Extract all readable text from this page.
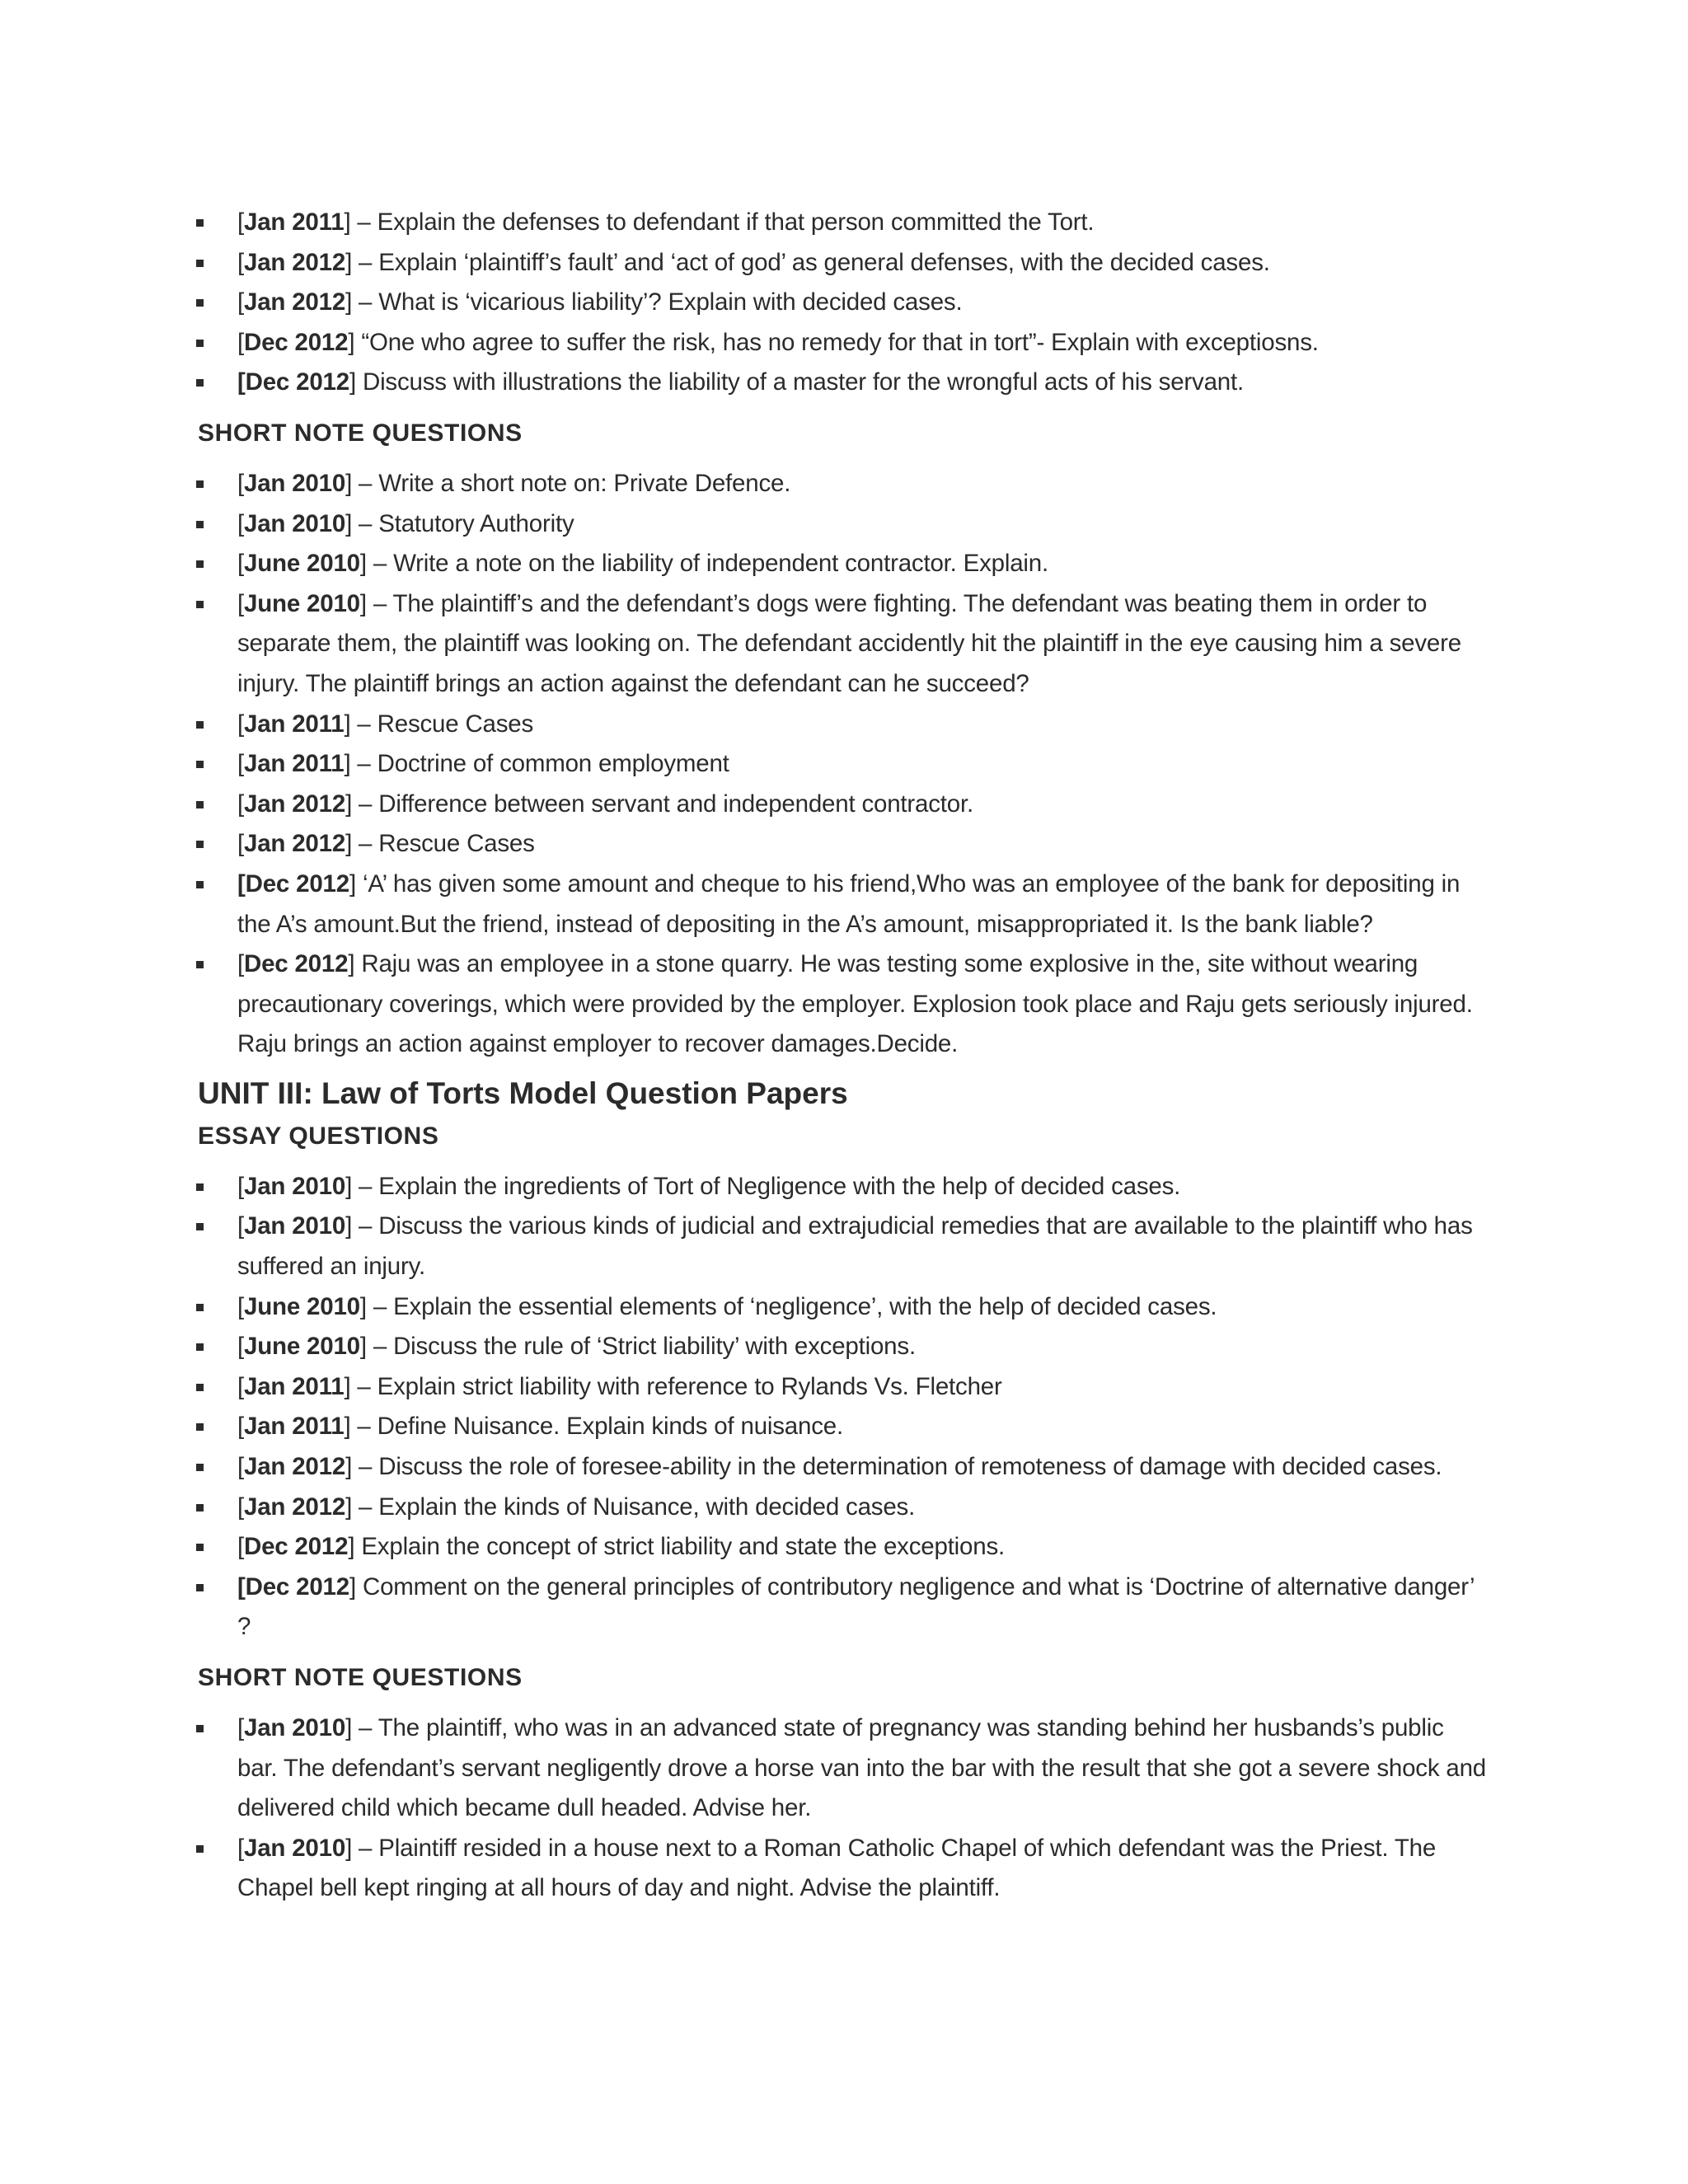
[Jan 2011] – Explain the defenses to defendant if that person committed the Tort.
[Jan 2012] – Explain ‘plaintiff’s fault’ and ‘act of god’ as general defenses, with the decided cases.
[Jan 2012] – What is ‘vicarious liability’? Explain with decided cases.
[Dec 2012] “One who agree to suffer the risk, has no remedy for that in tort”- Explain with exceptiosns.
[Dec 2012] Discuss with illustrations the liability of a master for the wrongful acts of his servant.
SHORT NOTE QUESTIONS
[Jan 2010] – Write a short note on: Private Defence.
[Jan 2010] – Statutory Authority
[June 2010] – Write a note on the liability of independent contractor. Explain.
[June 2010] – The plaintiff’s and the defendant’s dogs were fighting. The defendant was beating them in order to separate them, the plaintiff was looking on. The defendant accidently hit the plaintiff in the eye causing him a severe injury. The plaintiff brings an action against the defendant can he succeed?
[Jan 2011] – Rescue Cases
[Jan 2011] – Doctrine of common employment
[Jan 2012] – Difference between servant and independent contractor.
[Jan 2012] – Rescue Cases
[Dec 2012] ‘A’ has given some amount and cheque to his friend,Who was an employee of the bank for depositing in the A’s amount.But the friend, instead of depositing in the A’s amount, misappropriated it. Is the bank liable?
[Dec 2012] Raju was an employee in a stone quarry. He was testing some explosive in the, site without wearing precautionary coverings, which were provided by the employer. Explosion took place and Raju gets seriously injured. Raju brings an action against employer to recover damages.Decide.
UNIT III: Law of Torts Model Question Papers
ESSAY QUESTIONS
[Jan 2010] – Explain the ingredients of Tort of Negligence with the help of decided cases.
[Jan 2010] – Discuss the various kinds of judicial and extrajudicial remedies that are available to the plaintiff who has suffered an injury.
[June 2010] – Explain the essential elements of ‘negligence’, with the help of decided cases.
[June 2010] – Discuss the rule of ‘Strict liability’ with exceptions.
[Jan 2011] – Explain strict liability with reference to Rylands Vs. Fletcher
[Jan 2011] – Define Nuisance. Explain kinds of nuisance.
[Jan 2012] – Discuss the role of foresee-ability in the determination of remoteness of damage with decided cases.
[Jan 2012] – Explain the kinds of Nuisance, with decided cases.
[Dec 2012] Explain the concept of strict liability and state the exceptions.
[Dec 2012] Comment on the general principles of contributory negligence and what is ‘Doctrine of alternative danger’ ?
SHORT NOTE QUESTIONS
[Jan 2010] – The plaintiff, who was in an advanced state of pregnancy was standing behind her husbands’s public bar. The defendant’s servant negligently drove a horse van into the bar with the result that she got a severe shock and delivered child which became dull headed. Advise her.
[Jan 2010] – Plaintiff resided in a house next to a Roman Catholic Chapel of which defendant was the Priest. The Chapel bell kept ringing at all hours of day and night. Advise the plaintiff.
